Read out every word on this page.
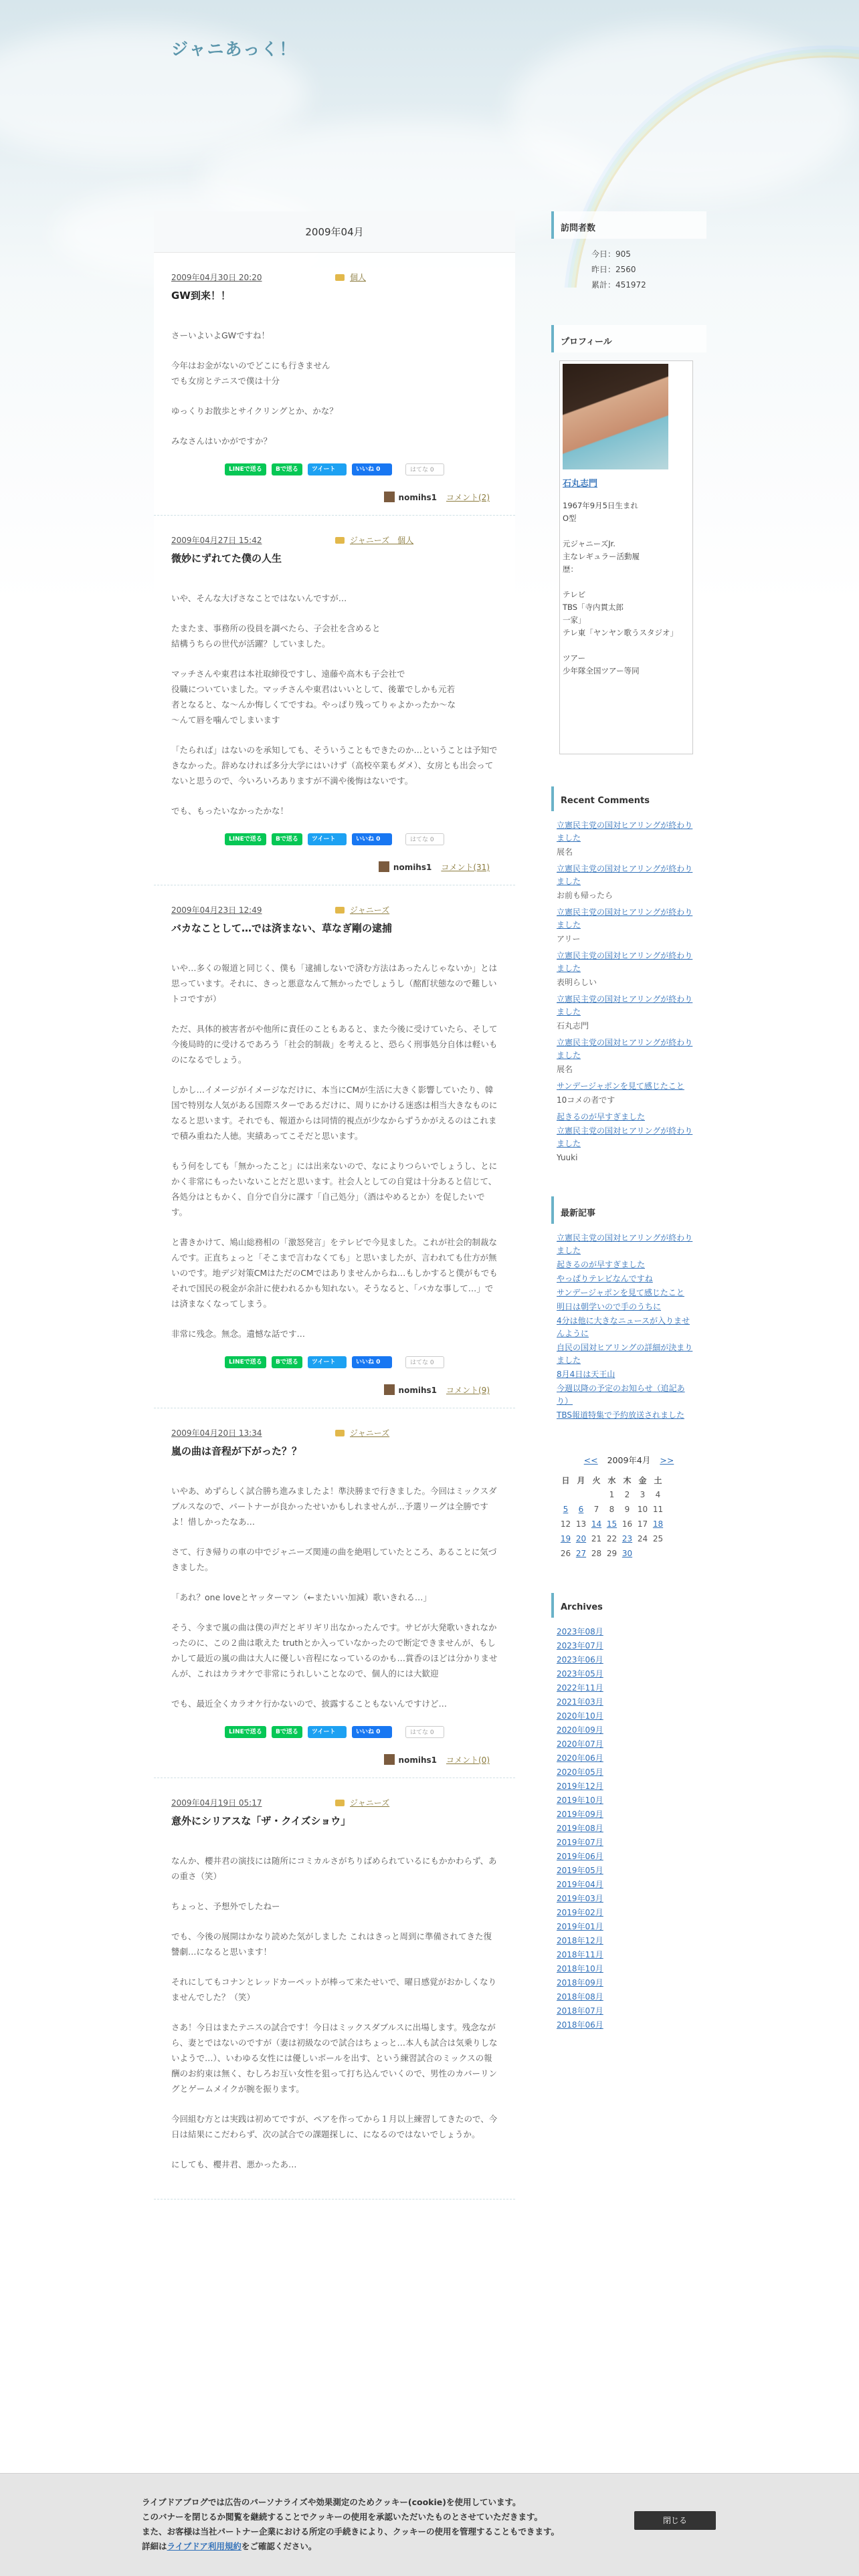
ジャニあっく！
2009年04月
2009年04月30日 20:20	個人
GW到来！！

さーいよいよGWですね！

今年はお金がないのでどこにも行きません
でも女房とテニスで僕は十分

ゆっくりお散歩とサイクリングとか、かな？

みなさんはいかがですか？

LINEで送る	Bで送る	ツイート	いいね 0	はてな 0
nomihs1 コメント(2)
2009年04月27日 15:42	ジャニーズ　個人
微妙にずれてた僕の人生

いや、そんな大げさなことではないんですが…

たまたま、事務所の役員を調べたら、子会社を含めると
結構うちらの世代が活躍？していました。

マッチさんや東君は本社取締役ですし、遠藤や高木も子会社で
役職についていました。マッチさんや東君はいいとして、後輩でしかも元若
者となると、な〜んか悔しくてですね。やっぱり残ってりゃよかったか〜な
〜んて唇を噛んでしまいます

「たられば」はないのを承知しても、そういうこともできたのか…ということは予知できなかった。辞めなければ多分大学にはいけず（高校卒業もダメ）、女房とも出会ってないと思うので、今いろいろありますが不満や後悔はないです。

でも、もったいなかったかな！

LINEで送る	Bで送る	ツイート	いいね 0	はてな 0
nomihs1 コメント(31)
2009年04月23日 12:49	ジャニーズ
バカなことして…では済まない、草なぎ剛の逮捕

いや…多くの報道と同じく、僕も「逮捕しないで済む方法はあったんじゃないか」とは思っています。それに、きっと悪意なんて無かったでしょうし（酩酊状態なので難しいトコですが）

ただ、具体的被害者がや他所に責任のこともあると、また今後に受けていたら、そして今後局時的に受けるであろう「社会的制裁」を考えると、恐らく刑事処分自体は軽いものになるでしょう。

しかし…イメージがイメージなだけに、本当にCMが生活に大きく影響していたり、韓国で特別な人気がある国際スターであるだけに、周りにかける迷惑は相当大きなものになると思います。それでも、報道からは同情的視点が少なからずうかがえるのはこれまで積み重ねた人徳。実績あってこそだと思います。

もう何をしても「無かったこと」には出来ないので、なによりつらいでしょうし、とにかく非常にもったいないことだと思います。社会人としての自覚は十分あると信じて、各処分はともかく、自分で自分に課す「自己処分」（酒はやめるとか）を促したいです。

と書きかけて、鳩山総務相の「激怒発言」をテレビで今見ました。これが社会的制裁なんです。正直ちょっと「そこまで言わなくても」と思いましたが、言われても仕方が無いのです。地デジ対策CMはただのCMではありませんからね…もしかすると僕がもでもそれで国民の税金が余計に使われるかも知れない。そうなると、「バカな事して…」では済まなくなってしまう。

非常に残念。無念。遺憾な話です…

LINEで送る	Bで送る	ツイート	いいね 0	はてな 0
nomihs1 コメント(9)
2009年04月20日 13:34	ジャニーズ
嵐の曲は音程が下がった？？

いやあ、めずらしく試合勝ち進みましたよ！準決勝まで行きました。今回はミックスダブルスなので、パートナーが良かったせいかもしれませんが…予選リーグは全勝ですよ！惜しかったなあ…

さて、行き帰りの車の中でジャニーズ関連の曲を絶唱していたところ、あることに気づきました。

「あれ？one loveとヤッターマン（←またいい加減）歌いきれる…」

そう、今まで嵐の曲は僕の声だとギリギリ出なかったんです。サビが大発歌いきれなかったのに、この２曲は歌えた truthとか入っていなかったので断定できませんが、もしかして最近の嵐の曲は大人に優しい音程になっているのかも…賞香のほどは分かりませんが、これはカラオケで非常にうれしいことなので、個人的には大歓迎

でも、最近全くカラオケ行かないので、披露することもないんですけど…

LINEで送る	Bで送る	ツイート	いいね 0	はてな 0
nomihs1 コメント(0)
2009年04月19日 05:17	ジャニーズ
意外にシリアスな「ザ・クイズショウ」

なんか、櫻井君の演技には随所にコミカルさがちりばめられているにもかかわらず、あの重さ（笑）

ちょっと、予想外でしたねー

でも、今後の展開はかなり読めた気がしました これはきっと周到に準備されてきた復讐劇…になると思います！

それにしてもコナンとレッドカーペットが棒って来たせいで、曜日感覚がおかしくなりませんでした？（笑）

さあ！今日はまたテニスの試合です！今日はミックスダブルスに出場します。残念ながら、妻とではないのですが（妻は初級なので試合はちょっと…本人も試合は気乗りしないようで…）、いわゆる女性には優しいボールを出す、という練習試合のミックスの報酬のお約束は無く、むしろお互い女性を狙って打ち込んでいくので、男性のカバーリングとゲームメイクが腕を振ります。

今回組む方とは実践は初めてですが、ペアを作ってから１月以上練習してきたので、今日は結果にこだわらず、次の試合での課題探しに、になるのではないでしょうか。

にしても、櫻井君、悪かったあ…

訪問者数
今日：905
昨日：2560
累計：451972
プロフィール
石丸志門
1967年9月5日生まれ
O型

元ジャニーズJr.
主なレギュラー活動履
歴：

テレビ
TBS「寺内貫太郎
一家」
テレ東「ヤンヤン歌うスタジオ」

ツアー
少年隊全国ツアー等同
Recent Comments
立憲民主党の国対ヒアリングが終わりました
展名
立憲民主党の国対ヒアリングが終わりました
お前も帰ったら
立憲民主党の国対ヒアリングが終わりました
アリー
立憲民主党の国対ヒアリングが終わりました
表明らしい
立憲民主党の国対ヒアリングが終わりました
石丸志門
立憲民主党の国対ヒアリングが終わりました
展名
サンデージャポンを見て感じたこと
10コメの者です
起きるのが早すぎました
立憲民主党の国対ヒアリングが終わりました
Yuuki
最新記事
立憲民主党の国対ヒアリングが終わりました
起きるのが早すぎました
やっぱりテレビなんですね
サンデージャポンを見て感じたこと
明日は朝学いので手のうちに
4分は他に大きなニュースが入りませんように
自民の国対ヒアリングの詳細が決まりました
8月4日は天王山
今週以降の予定のお知らせ（追記あり）
TBS報道特集で予約放送されました
<< 2009年4月 >>
日	月	火	水	木	金	土
			1	2	3	4
5	6	7	8	9	10	11
12	13	14	15	16	17	18
19	20	21	22	23	24	25
26	27	28	29	30		
Archives
2023年08月
2023年07月
2023年06月
2023年05月
2022年11月
2021年03月
2020年10月
2020年09月
2020年07月
2020年06月
2020年05月
2019年12月
2019年10月
2019年09月
2019年08月
2019年07月
2019年06月
2019年05月
2019年04月
2019年03月
2019年02月
2019年01月
2018年12月
2018年11月
2018年10月
2018年09月
2018年08月
2018年07月
2018年06月
ライブドアブログでは広告のパーソナライズや効果測定のためクッキー(cookie)を使用しています。
このバナーを閉じるか閲覧を継続することでクッキーの使用を承認いただいたものとさせていただきます。
また、お客様は当社パートナー企業における所定の手続きにより、クッキーの使用を管理することもできます。
詳細はライブドア利用規約をご確認ください。
閉じる
